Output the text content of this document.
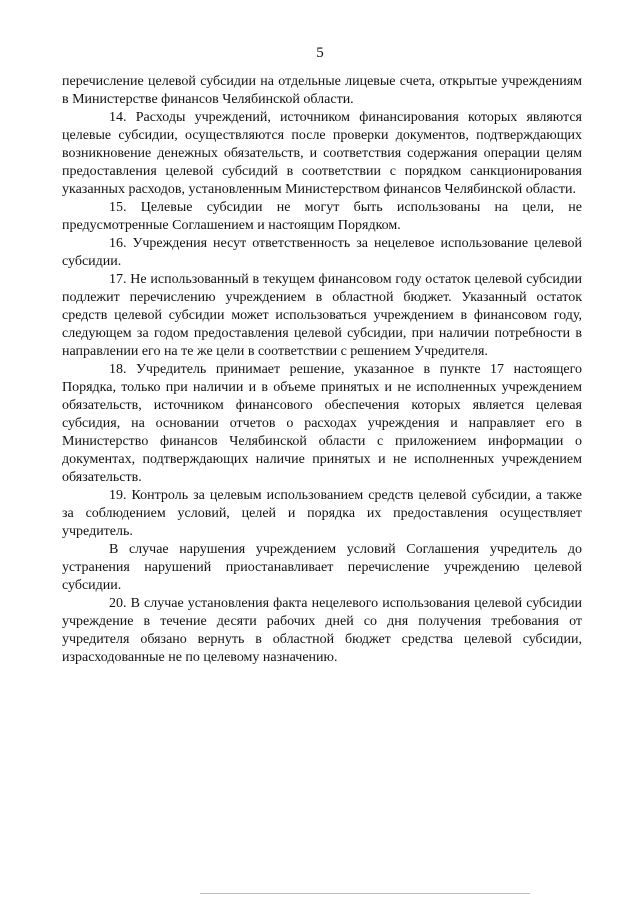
5

перечисление целевой субсидии на отдельные лицевые счета, открытые учреждениям в Министерстве финансов Челябинской области.

14. Расходы учреждений, источником финансирования которых являются целевые субсидии, осуществляются после проверки документов, подтверждающих возникновение денежных обязательств, и соответствия содержания операции целям предоставления целевой субсидий в соответствии с порядком санкционирования указанных расходов, установленным Министерством финансов Челябинской области.

15. Целевые субсидии не могут быть использованы на цели, не предусмотренные Соглашением и настоящим Порядком.

16. Учреждения несут ответственность за нецелевое использование целевой субсидии.

17. Не использованный в текущем финансовом году остаток целевой субсидии подлежит перечислению учреждением в областной бюджет. Указанный остаток средств целевой субсидии может использоваться учреждением в финансовом году, следующем за годом предоставления целевой субсидии, при наличии потребности в направлении его на те же цели в соответствии с решением Учредителя.

18. Учредитель принимает решение, указанное в пункте 17 настоящего Порядка, только при наличии и в объеме принятых и не исполненных учреждением обязательств, источником финансового обеспечения которых является целевая субсидия, на основании отчетов о расходах учреждения и направляет его в Министерство финансов Челябинской области с приложением информации о документах, подтверждающих наличие принятых и не исполненных учреждением обязательств.

19. Контроль за целевым использованием средств целевой субсидии, а также за соблюдением условий, целей и порядка их предоставления осуществляет учредитель.

В случае нарушения учреждением условий Соглашения учредитель до устранения нарушений приостанавливает перечисление учреждению целевой субсидии.

20. В случае установления факта нецелевого использования целевой субсидии учреждение в течение десяти рабочих дней со дня получения требования от учредителя обязано вернуть в областной бюджет средства целевой субсидии, израсходованные не по целевому назначению.
